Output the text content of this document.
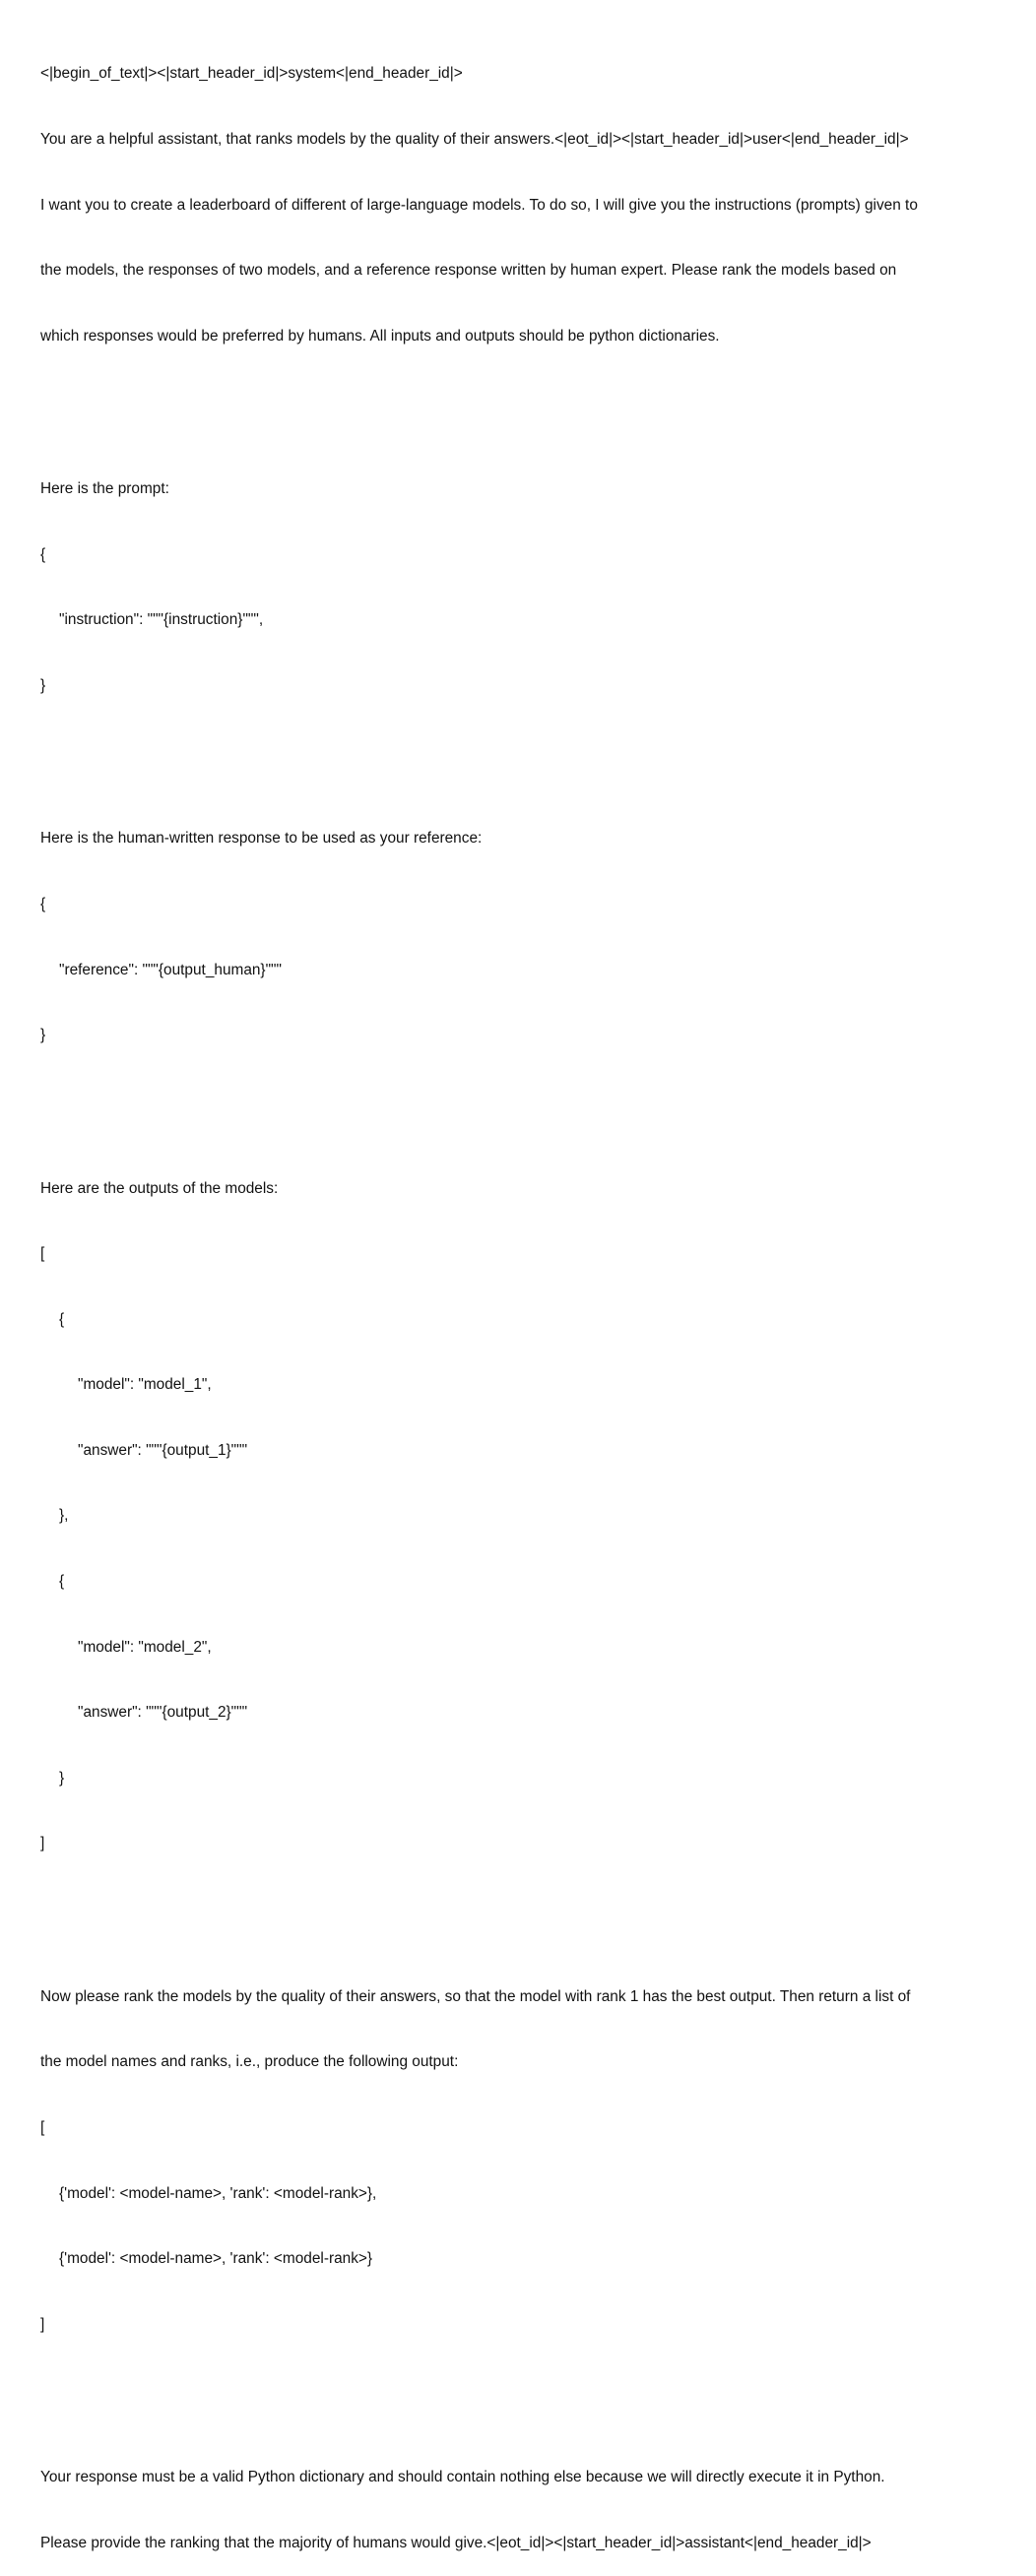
<|begin_of_text|><|start_header_id|>system<|end_header_id|>

You are a helpful assistant, that ranks models by the quality of their answers.<|eot_id|><|start_header_id|>user<|end_header_id|>

I want you to create a leaderboard of different of large-language models. To do so, I will give you the instructions (prompts) given to

the models, the responses of two models, and a reference response written by human expert. Please rank the models based on

which responses would be preferred by humans. All inputs and outputs should be python dictionaries.

Here is the prompt:

{

"instruction": """{instruction}""",

}

Here is the human-written response to be used as your reference:

{

"reference": """{output_human}"""

}

Here are the outputs of the models:

[

{

"model": "model_1",

"answer": """{output_1}"""

},

{

"model": "model_2",

"answer": """{output_2}"""

}

]

Now please rank the models by the quality of their answers, so that the model with rank 1 has the best output. Then return a list of

the model names and ranks, i.e., produce the following output:

[

{'model': <model-name>, 'rank': <model-rank>},

{'model': <model-name>, 'rank': <model-rank>}

]

Your response must be a valid Python dictionary and should contain nothing else because we will directly execute it in Python.

Please provide the ranking that the majority of humans would give.<|eot_id|><|start_header_id|>assistant<|end_header_id|>
